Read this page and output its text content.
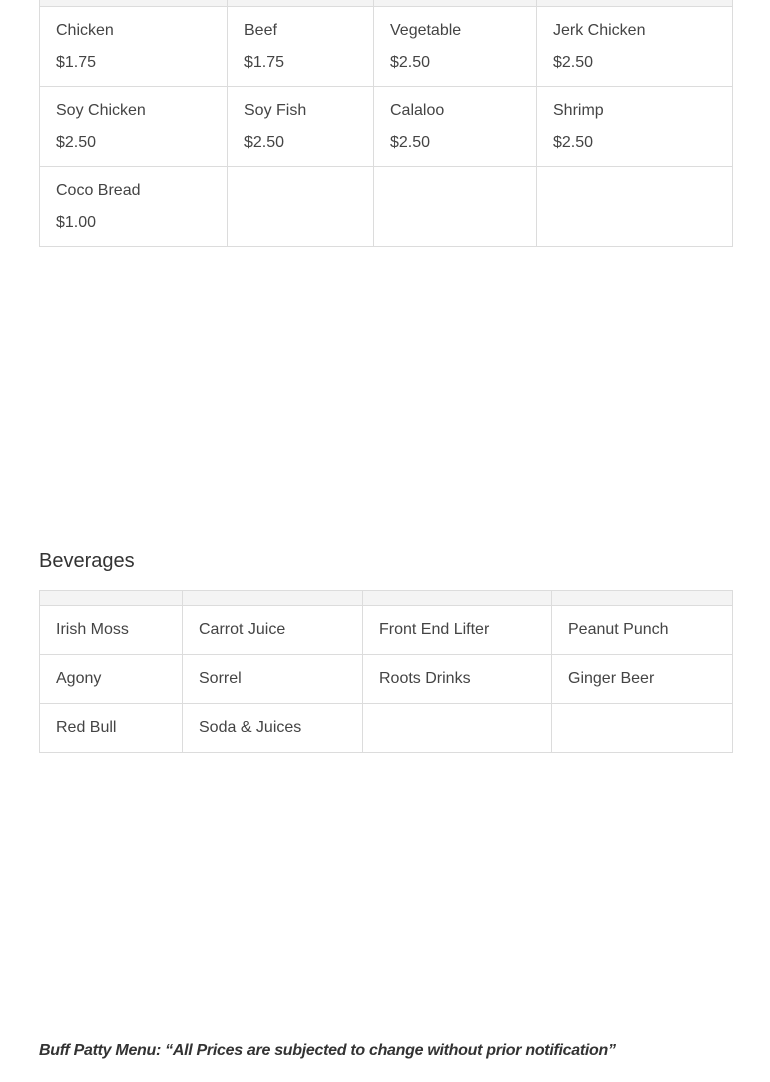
Chicken
$1.75	Beef
$1.75	Vegetable
$2.50	Jerk Chicken
$2.50

Soy Chicken
$2.50	Soy Fish
$2.50	Calaloo
$2.50	Shrimp
$2.50

Coco Bread
$1.00			

Beverages

Irish Moss	Carrot Juice	Front End Lifter	Peanut Punch
Agony	Sorrel	Roots Drinks	Ginger Beer
Red Bull	Soda & Juices		

Buff Patty Menu: “All Prices are subjected to change without prior notification”
